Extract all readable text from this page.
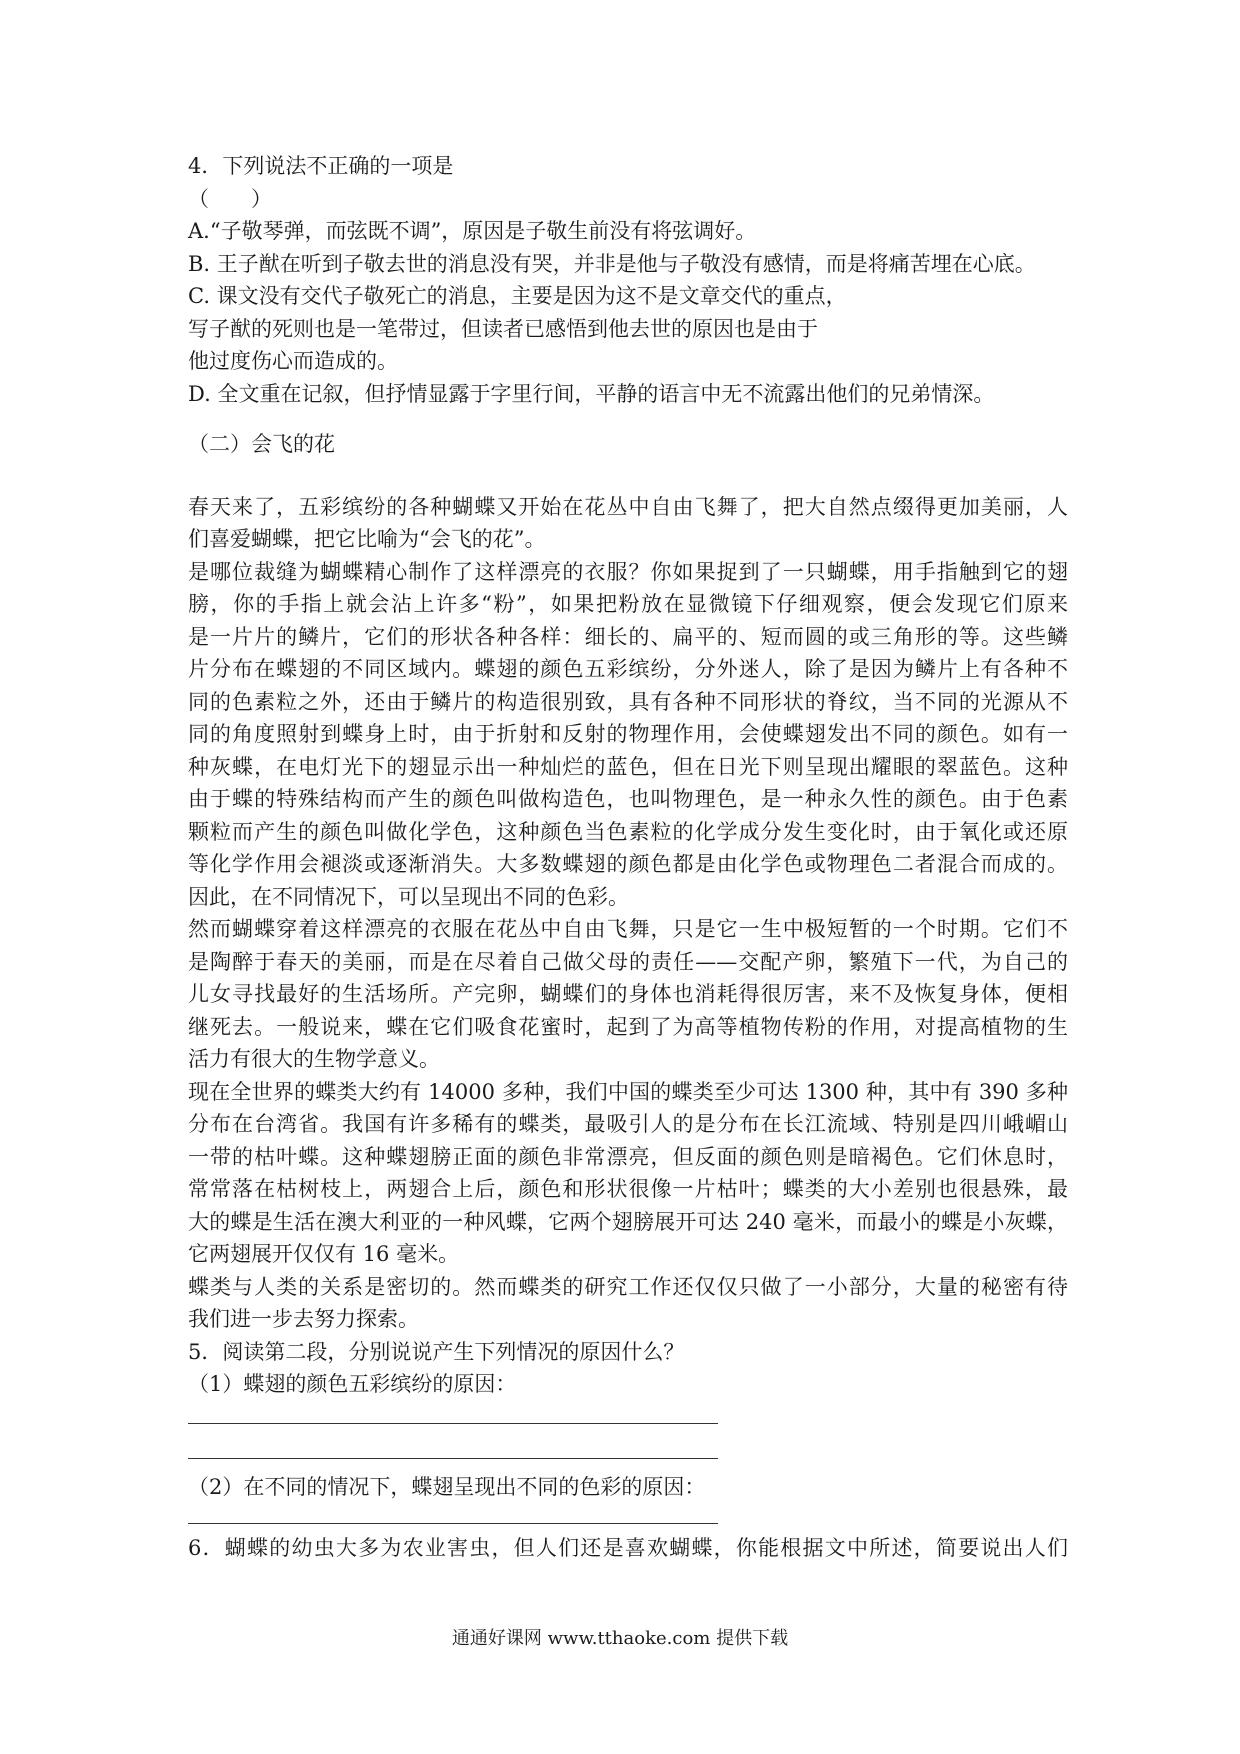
4．下列说法不正确的一项是

（　　）

A.“子敬琴弹，而弦既不调”，原因是子敬生前没有将弦调好。

B. 王子猷在听到子敬去世的消息没有哭，并非是他与子敬没有感情，而是将痛苦埋在心底。

C. 课文没有交代子敬死亡的消息，主要是因为这不是文章交代的重点，

写子猷的死则也是一笔带过，但读者已感悟到他去世的原因也是由于

他过度伤心而造成的。

D. 全文重在记叙，但抒情显露于字里行间，平静的语言中无不流露出他们的兄弟情深。

（二）会飞的花

春天来了，五彩缤纷的各种蝴蝶又开始在花丛中自由飞舞了，把大自然点缀得更加美丽，人

们喜爱蝴蝶，把它比喻为“会飞的花”。

是哪位裁缝为蝴蝶精心制作了这样漂亮的衣服？你如果捉到了一只蝴蝶，用手指触到它的翅

膀，你的手指上就会沾上许多“粉”，如果把粉放在显微镜下仔细观察，便会发现它们原来

是一片片的鳞片，它们的形状各种各样：细长的、扁平的、短而圆的或三角形的等。这些鳞

片分布在蝶翅的不同区域内。蝶翅的颜色五彩缤纷，分外迷人，除了是因为鳞片上有各种不

同的色素粒之外，还由于鳞片的构造很别致，具有各种不同形状的脊纹，当不同的光源从不

同的角度照射到蝶身上时，由于折射和反射的物理作用，会使蝶翅发出不同的颜色。如有一

种灰蝶，在电灯光下的翅显示出一种灿烂的蓝色，但在日光下则呈现出耀眼的翠蓝色。这种

由于蝶的特殊结构而产生的颜色叫做构造色，也叫物理色，是一种永久性的颜色。由于色素

颗粒而产生的颜色叫做化学色，这种颜色当色素粒的化学成分发生变化时，由于氧化或还原

等化学作用会褪淡或逐渐消失。大多数蝶翅的颜色都是由化学色或物理色二者混合而成的。

因此，在不同情况下，可以呈现出不同的色彩。

然而蝴蝶穿着这样漂亮的衣服在花丛中自由飞舞，只是它一生中极短暂的一个时期。它们不

是陶醉于春天的美丽，而是在尽着自己做父母的责任——交配产卵，繁殖下一代，为自己的

儿女寻找最好的生活场所。产完卵，蝴蝶们的身体也消耗得很厉害，来不及恢复身体，便相

继死去。一般说来，蝶在它们吸食花蜜时，起到了为高等植物传粉的作用，对提高植物的生

活力有很大的生物学意义。

现在全世界的蝶类大约有 14000 多种，我们中国的蝶类至少可达 1300 种，其中有 390 多种

分布在台湾省。我国有许多稀有的蝶类，最吸引人的是分布在长江流域、特别是四川峨嵋山

一带的枯叶蝶。这种蝶翅膀正面的颜色非常漂亮，但反面的颜色则是暗褐色。它们休息时，

常常落在枯树枝上，两翅合上后，颜色和形状很像一片枯叶；蝶类的大小差别也很悬殊，最

大的蝶是生活在澳大利亚的一种风蝶，它两个翅膀展开可达 240 毫米，而最小的蝶是小灰蝶，

它两翅展开仅仅有 16 毫米。

蝶类与人类的关系是密切的。然而蝶类的研究工作还仅仅只做了一小部分，大量的秘密有待

我们进一步去努力探索。

5．阅读第二段，分别说说产生下列情况的原因什么？

（1）蝶翅的颜色五彩缤纷的原因：

（2）在不同的情况下，蝶翅呈现出不同的色彩的原因：

6．蝴蝶的幼虫大多为农业害虫，但人们还是喜欢蝴蝶，你能根据文中所述，简要说出人们

通通好课网 www.tthaoke.com 提供下载
